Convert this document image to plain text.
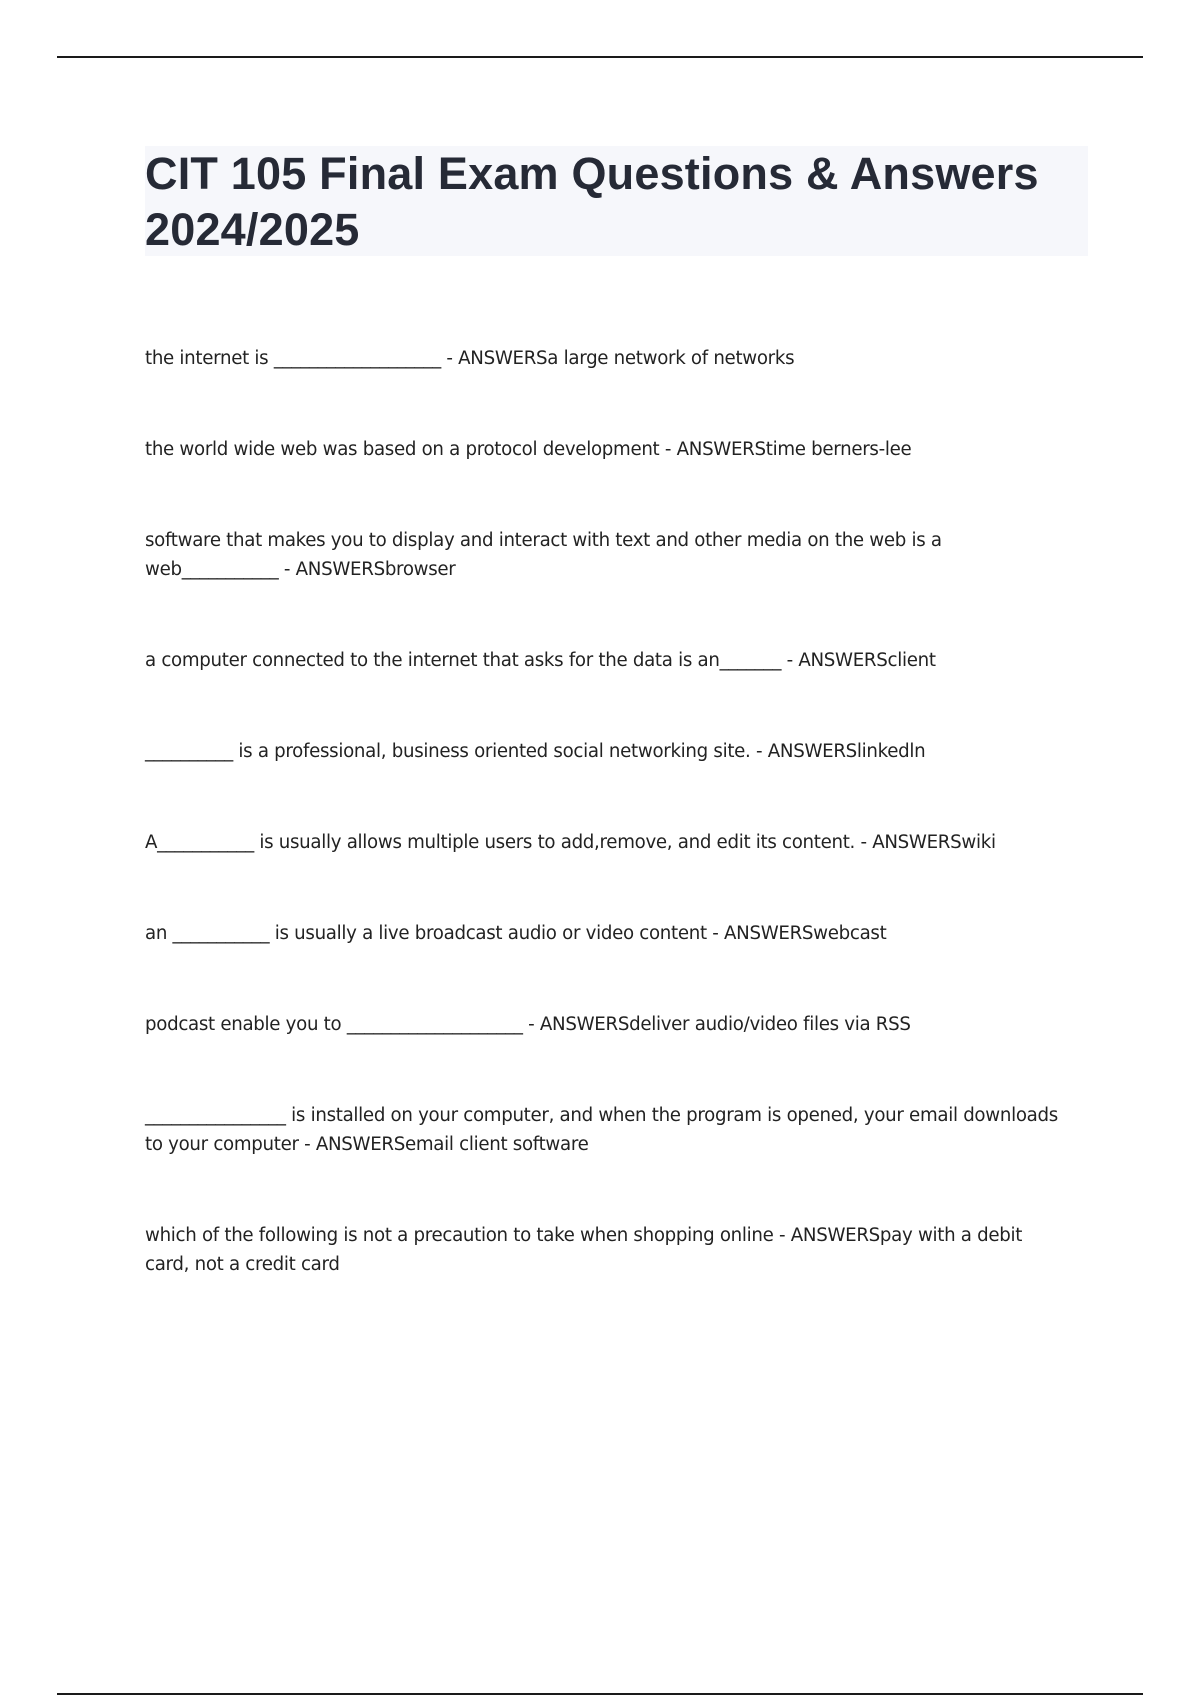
CIT 105 Final Exam Questions & Answers 2024/2025
the internet is ___________________ - ANSWERSa large network of networks
the world wide web was based on a protocol development - ANSWERStime berners-lee
software that makes you to display and interact with text and other media on the web is a web___________ - ANSWERSbrowser
a computer connected to the internet that asks for the data is an_______ - ANSWERSclient
__________ is a professional, business oriented social networking site. - ANSWERSlinkedln
A___________ is usually allows multiple users to add,remove, and edit its content. - ANSWERSwiki
an ___________ is usually a live broadcast audio or video content - ANSWERSwebcast
podcast enable you to ____________________ - ANSWERSdeliver audio/video files via RSS
________________ is installed on your computer, and when the program is opened, your email downloads to your computer - ANSWERSemail client software
which of the following is not a precaution to take when shopping online - ANSWERSpay with a debit card, not a credit card
